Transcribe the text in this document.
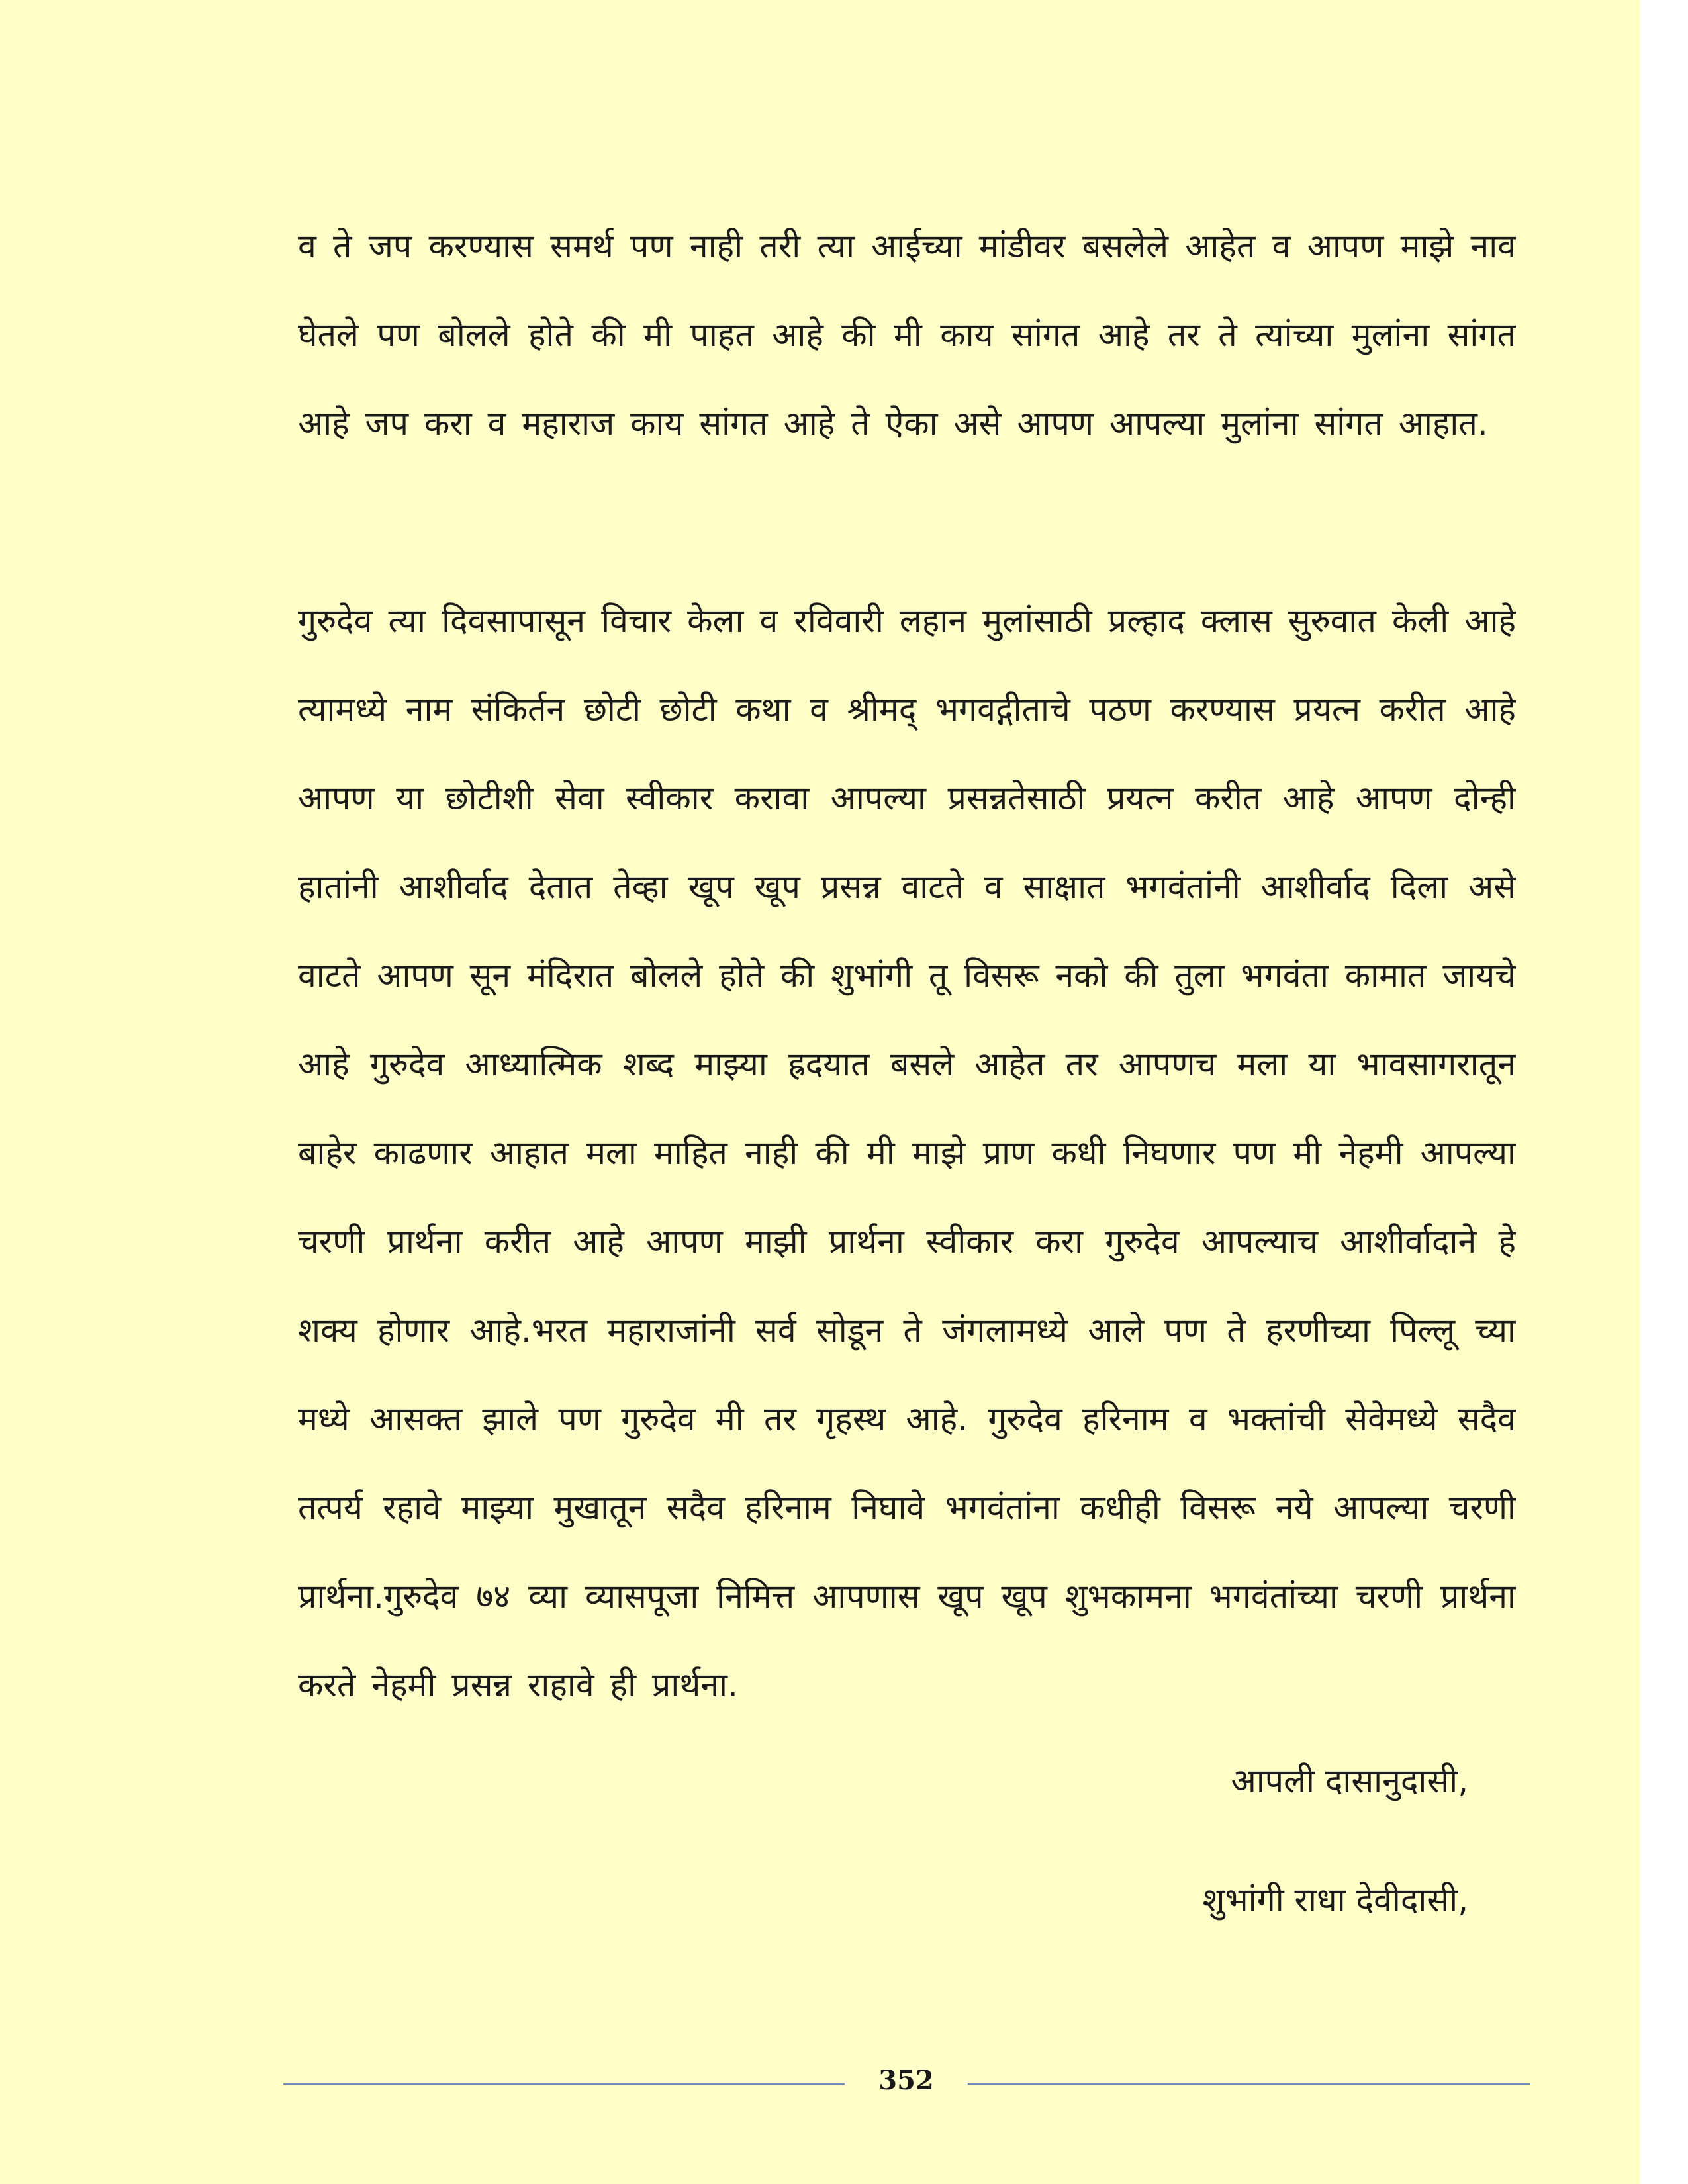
व ते जप करण्यास समर्थ पण नाही तरी त्या आईच्या मांडीवर बसलेले आहेत व आपण माझे नाव घेतले पण बोलले होते की मी पाहत आहे की मी काय सांगत आहे तर ते त्यांच्या मुलांना सांगत आहे जप करा व महाराज काय सांगत आहे ते ऐका असे आपण आपल्या मुलांना सांगत आहात.

गुरुदेव त्या दिवसापासून विचार केला व रविवारी लहान मुलांसाठी प्रल्हाद क्लास सुरुवात केली आहे त्यामध्ये नाम संकिर्तन छोटी छोटी कथा व श्रीमद् भगवद्गीताचे पठण करण्यास प्रयत्न करीत आहे आपण या छोटीशी सेवा स्वीकार करावा आपल्या प्रसन्नतेसाठी प्रयत्न करीत आहे आपण दोन्ही हातांनी आशीर्वाद देतात तेव्हा खूप खूप प्रसन्न वाटते व साक्षात भगवंतांनी आशीर्वाद दिला असे वाटते आपण सून मंदिरात बोलले होते की शुभांगी तू विसरू नको की तुला भगवंता कामात जायचे आहे गुरुदेव आध्यात्मिक शब्द माझ्या ह्रदयात बसले आहेत तर आपणच मला या भावसागरातून बाहेर काढणार आहात मला माहित नाही की मी माझे प्राण कधी निघणार पण मी नेहमी आपल्या चरणी प्रार्थना करीत आहे आपण माझी प्रार्थना स्वीकार करा गुरुदेव आपल्याच आशीर्वादाने हे शक्य होणार आहे.भरत महाराजांनी सर्व सोडून ते जंगलामध्ये आले पण ते हरणीच्या पिल्लू च्या मध्ये आसक्त झाले पण गुरुदेव मी तर गृहस्थ आहे. गुरुदेव हरिनाम व भक्तांची सेवेमध्ये सदैव तत्पर्य रहावे माझ्या मुखातून सदैव हरिनाम निघावे भगवंतांना कधीही विसरू नये आपल्या चरणी प्रार्थना.गुरुदेव ७४ व्या व्यासपूजा निमित्त आपणास खूप खूप शुभकामना भगवंतांच्या चरणी प्रार्थना करते नेहमी प्रसन्न राहावे ही प्रार्थना.

आपली दासानुदासी,
शुभांगी राधा देवीदासी,
352
